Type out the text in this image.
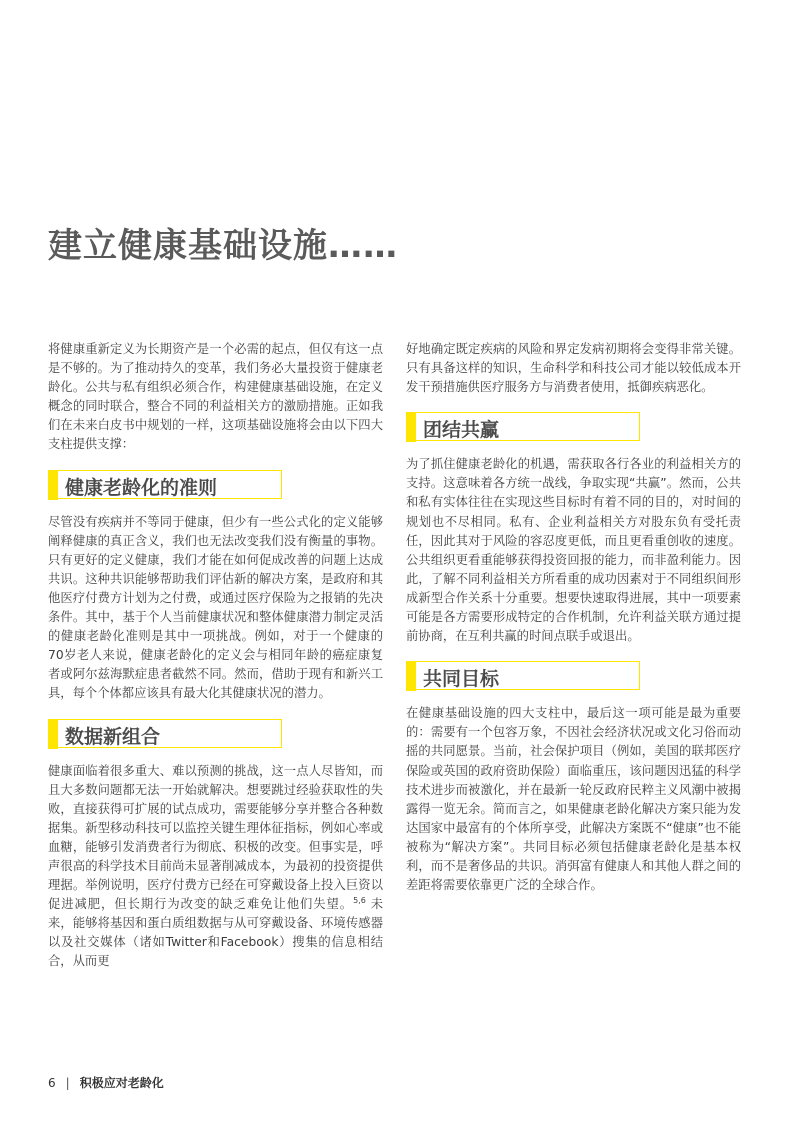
建立健康基础设施……

将健康重新定义为长期资产是一个必需的起点，但仅有这一点是不够的。为了推动持久的变革，我们务必大量投资于健康老龄化。公共与私有组织必须合作，构建健康基础设施，在定义概念的同时联合，整合不同的利益相关方的激励措施。正如我们在未来白皮书中规划的一样，这项基础设施将会由以下四大支柱提供支撑：

健康老龄化的准则

尽管没有疾病并不等同于健康，但少有一些公式化的定义能够阐释健康的真正含义，我们也无法改变我们没有衡量的事物。只有更好的定义健康，我们才能在如何促成改善的问题上达成共识。这种共识能够帮助我们评估新的解决方案，是政府和其他医疗付费方计划为之付费，或通过医疗保险为之报销的先决条件。其中，基于个人当前健康状况和整体健康潜力制定灵活的健康老龄化准则是其中一项挑战。例如，对于一个健康的70岁老人来说，健康老龄化的定义会与相同年龄的癌症康复者或阿尔兹海默症患者截然不同。然而，借助于现有和新兴工具，每个个体都应该具有最大化其健康状况的潜力。

数据新组合

健康面临着很多重大、难以预测的挑战，这一点人尽皆知，而且大多数问题都无法一开始就解决。想要跳过经验获取性的失败，直接获得可扩展的试点成功，需要能够分享并整合各种数据集。新型移动科技可以监控关键生理体征指标，例如心率或血糖，能够引发消费者行为彻底、积极的改变。但事实是，呼声很高的科学技术目前尚未显著削减成本，为最初的投资提供理据。举例说明，医疗付费方已经在可穿戴设备上投入巨资以促进减肥，但长期行为改变的缺乏难免让他们失望。$^{5,6}$ 未来，能够将基因和蛋白质组数据与从可穿戴设备、环境传感器以及社交媒体（诸如Twitter和Facebook）搜集的信息相结合，从而更

好地确定既定疾病的风险和界定发病初期将会变得非常关键。只有具备这样的知识，生命科学和科技公司才能以较低成本开发干预措施供医疗服务方与消费者使用，抵御疾病恶化。

团结共赢

为了抓住健康老龄化的机遇，需获取各行各业的利益相关方的支持。这意味着各方统一战线，争取实现“共赢”。然而，公共和私有实体往往在实现这些目标时有着不同的目的，对时间的规划也不尽相同。私有、企业利益相关方对股东负有受托责任，因此其对于风险的容忍度更低，而且更看重创收的速度。公共组织更看重能够获得投资回报的能力，而非盈利能力。因此，了解不同利益相关方所看重的成功因素对于不同组织间形成新型合作关系十分重要。想要快速取得进展，其中一项要素可能是各方需要形成特定的合作机制，允许利益关联方通过提前协商，在互利共赢的时间点联手或退出。

共同目标

在健康基础设施的四大支柱中，最后这一项可能是最为重要的：需要有一个包容万象，不因社会经济状况或文化习俗而动摇的共同愿景。当前，社会保护项目（例如，美国的联邦医疗保险或英国的政府资助保险）面临重压，该问题因迅猛的科学技术进步而被激化，并在最新一轮反政府民粹主义风潮中被揭露得一览无余。简而言之，如果健康老龄化解决方案只能为发达国家中最富有的个体所享受，此解决方案既不“健康”也不能被称为“解决方案”。共同目标必须包括健康老龄化是基本权利，而不是奢侈品的共识。消弭富有健康人和其他人群之间的差距将需要依靠更广泛的全球合作。

6 | 积极应对老龄化
